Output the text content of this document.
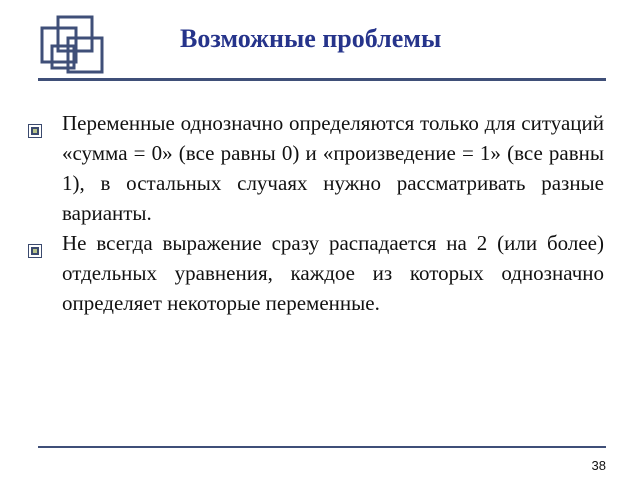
Возможные проблемы
Переменные однозначно определяются только для ситуаций «сумма = 0» (все равны 0) и «произведение = 1» (все равны 1), в остальных случаях нужно рассматривать разные варианты.
Не всегда выражение сразу распадается на 2 (или более) отдельных уравнения, каждое из которых однозначно определяет некоторые переменные.
38
